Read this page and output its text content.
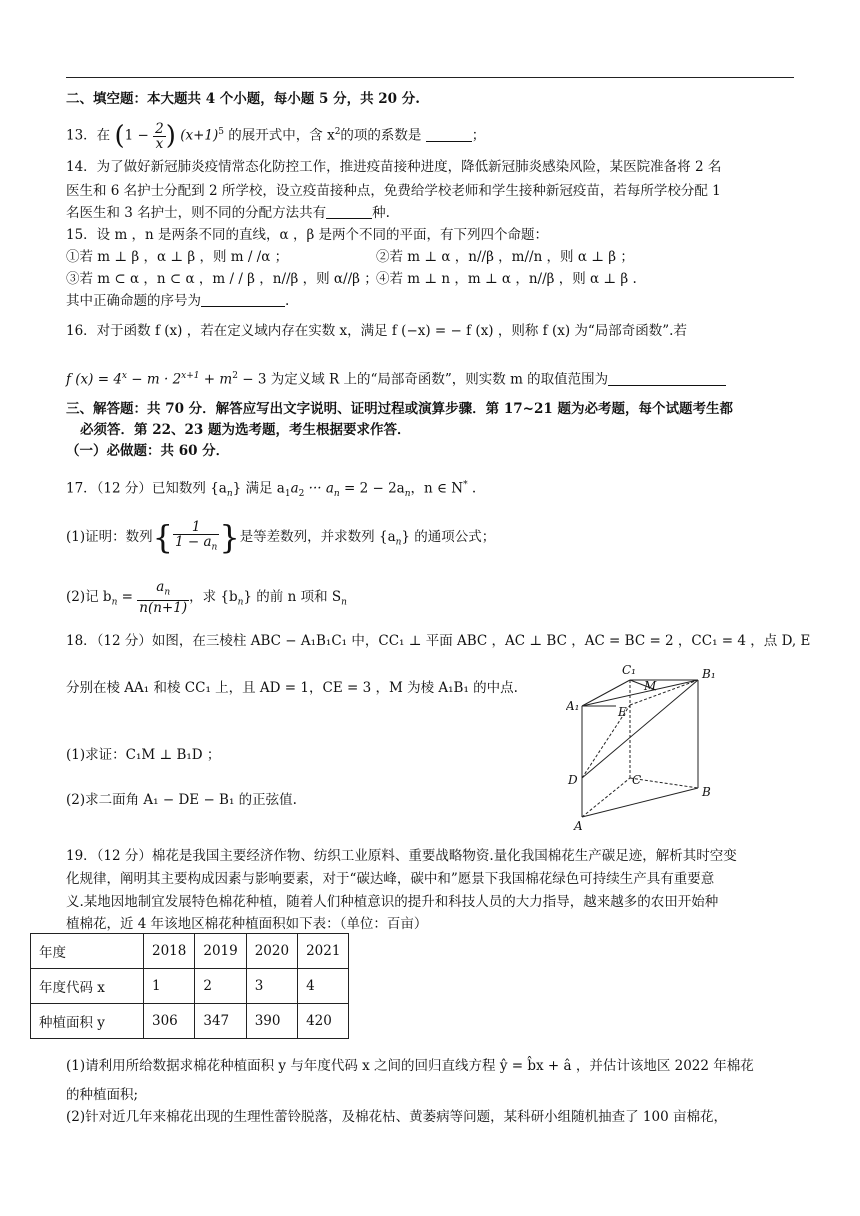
二、填空题：本大题共 4 个小题，每小题 5 分，共 20 分.
13．在 ($1 - \frac{2}{x}$ ) $(x+1)^5$ 的展开式中，含 $x^2$的项的系数是	；
14．为了做好新冠肺炎疫情常态化防控工作，推进疫苗接种进度，降低新冠肺炎感染风险，某医院准备将 2 名
医生和 6 名护士分配到 2 所学校，设立疫苗接种点，免费给学校老师和学生接种新冠疫苗，若每所学校分配 1
名医生和 3 名护士，则不同的分配方法共有	种.
15．设 m ，n 是两条不同的直线，α ，β 是两个不同的平面，有下列四个命题：
①若 m ⊥ β ，α ⊥ β ，则 m / /α ；	②若 m ⊥ α ，n//β ，m//n ，则 α ⊥ β ；
③若 m ⊂ α ，n ⊂ α ，m / / β ，n//β ，则 α//β ；
④若 m ⊥ n ，m ⊥ α ，n//β ，则 α ⊥ β .
其中正确命题的序号为	.
16．对于函数 f (x) ，若在定义域内存在实数 x，满足 f (−x) = − f (x) ，则称 f (x) 为“局部奇函数”.若
f $(x) = 4^x - m \cdot 2^{x+1} + m^2 - 3$ 为定义域 R 上的“局部奇函数”，则实数 m 的取值范围为
三、解答题：共 70 分．解答应写出文字说明、证明过程或演算步骤．第 17~21 题为必考题，每个试题考生都
必须答．第 22、23 题为选考题，考生根据要求作答．
（一）必做题：共 60 分．
17．（12 分）已知数列 $\{a_n\}$ 满足 $a_1a_2$ ··· $a_n = 2 - 2a_n$，n ∈ N* .
(1)证明：数列{ $\frac{1}{1 - a_n}$ }是等差数列，并求数列 $\{a_n\}$ 的通项公式；
(2)记 $b_n = \frac{a_n}{n(n+1)}$ ，求 $\{b_n\}$ 的前 n 项和 $S_n$
18．（12 分）如图，在三棱柱 ABC − A₁B₁C₁ 中，CC₁ ⊥ 平面 ABC ，AC ⊥ BC ，AC = BC = 2 ，CC₁ = 4 ，点 D, E
分别在棱 AA₁ 和棱 CC₁ 上，且 AD = 1，CE = 3 ，M 为棱 A₁B₁ 的中点.
(1)求证：C₁M ⊥ B₁D ；
(2)求二面角 A₁ − DE − B₁ 的正弦值.
C₁
M
B₁
A₁	E
D	C
B
A
19．（12 分）棉花是我国主要经济作物、纺织工业原料、重要战略物资.量化我国棉花生产碳足迹，解析其时空变
化规律，阐明其主要构成因素与影响要素，对于“碳达峰，碳中和”愿景下我国棉花绿色可持续生产具有重要意
义.某地因地制宜发展特色棉花种植，随着人们种植意识的提升和科技人员的大力指导，越来越多的农田开始种
植棉花，近 4 年该地区棉花种植面积如下表：（单位：百亩）
年度	2018	2019	2020	2021
年度代码 x	1	2	3	4
种植面积 y	306	347	390	420
(1)请利用所给数据求棉花种植面积 y 与年度代码 x 之间的回归直线方程 ŷ = b̂x + â ，并估计该地区 2022 年棉花
的种植面积;
(2)针对近几年来棉花出现的生理性蕾铃脱落，及棉花枯、黄萎病等问题，某科研小组随机抽查了 100 亩棉花，
